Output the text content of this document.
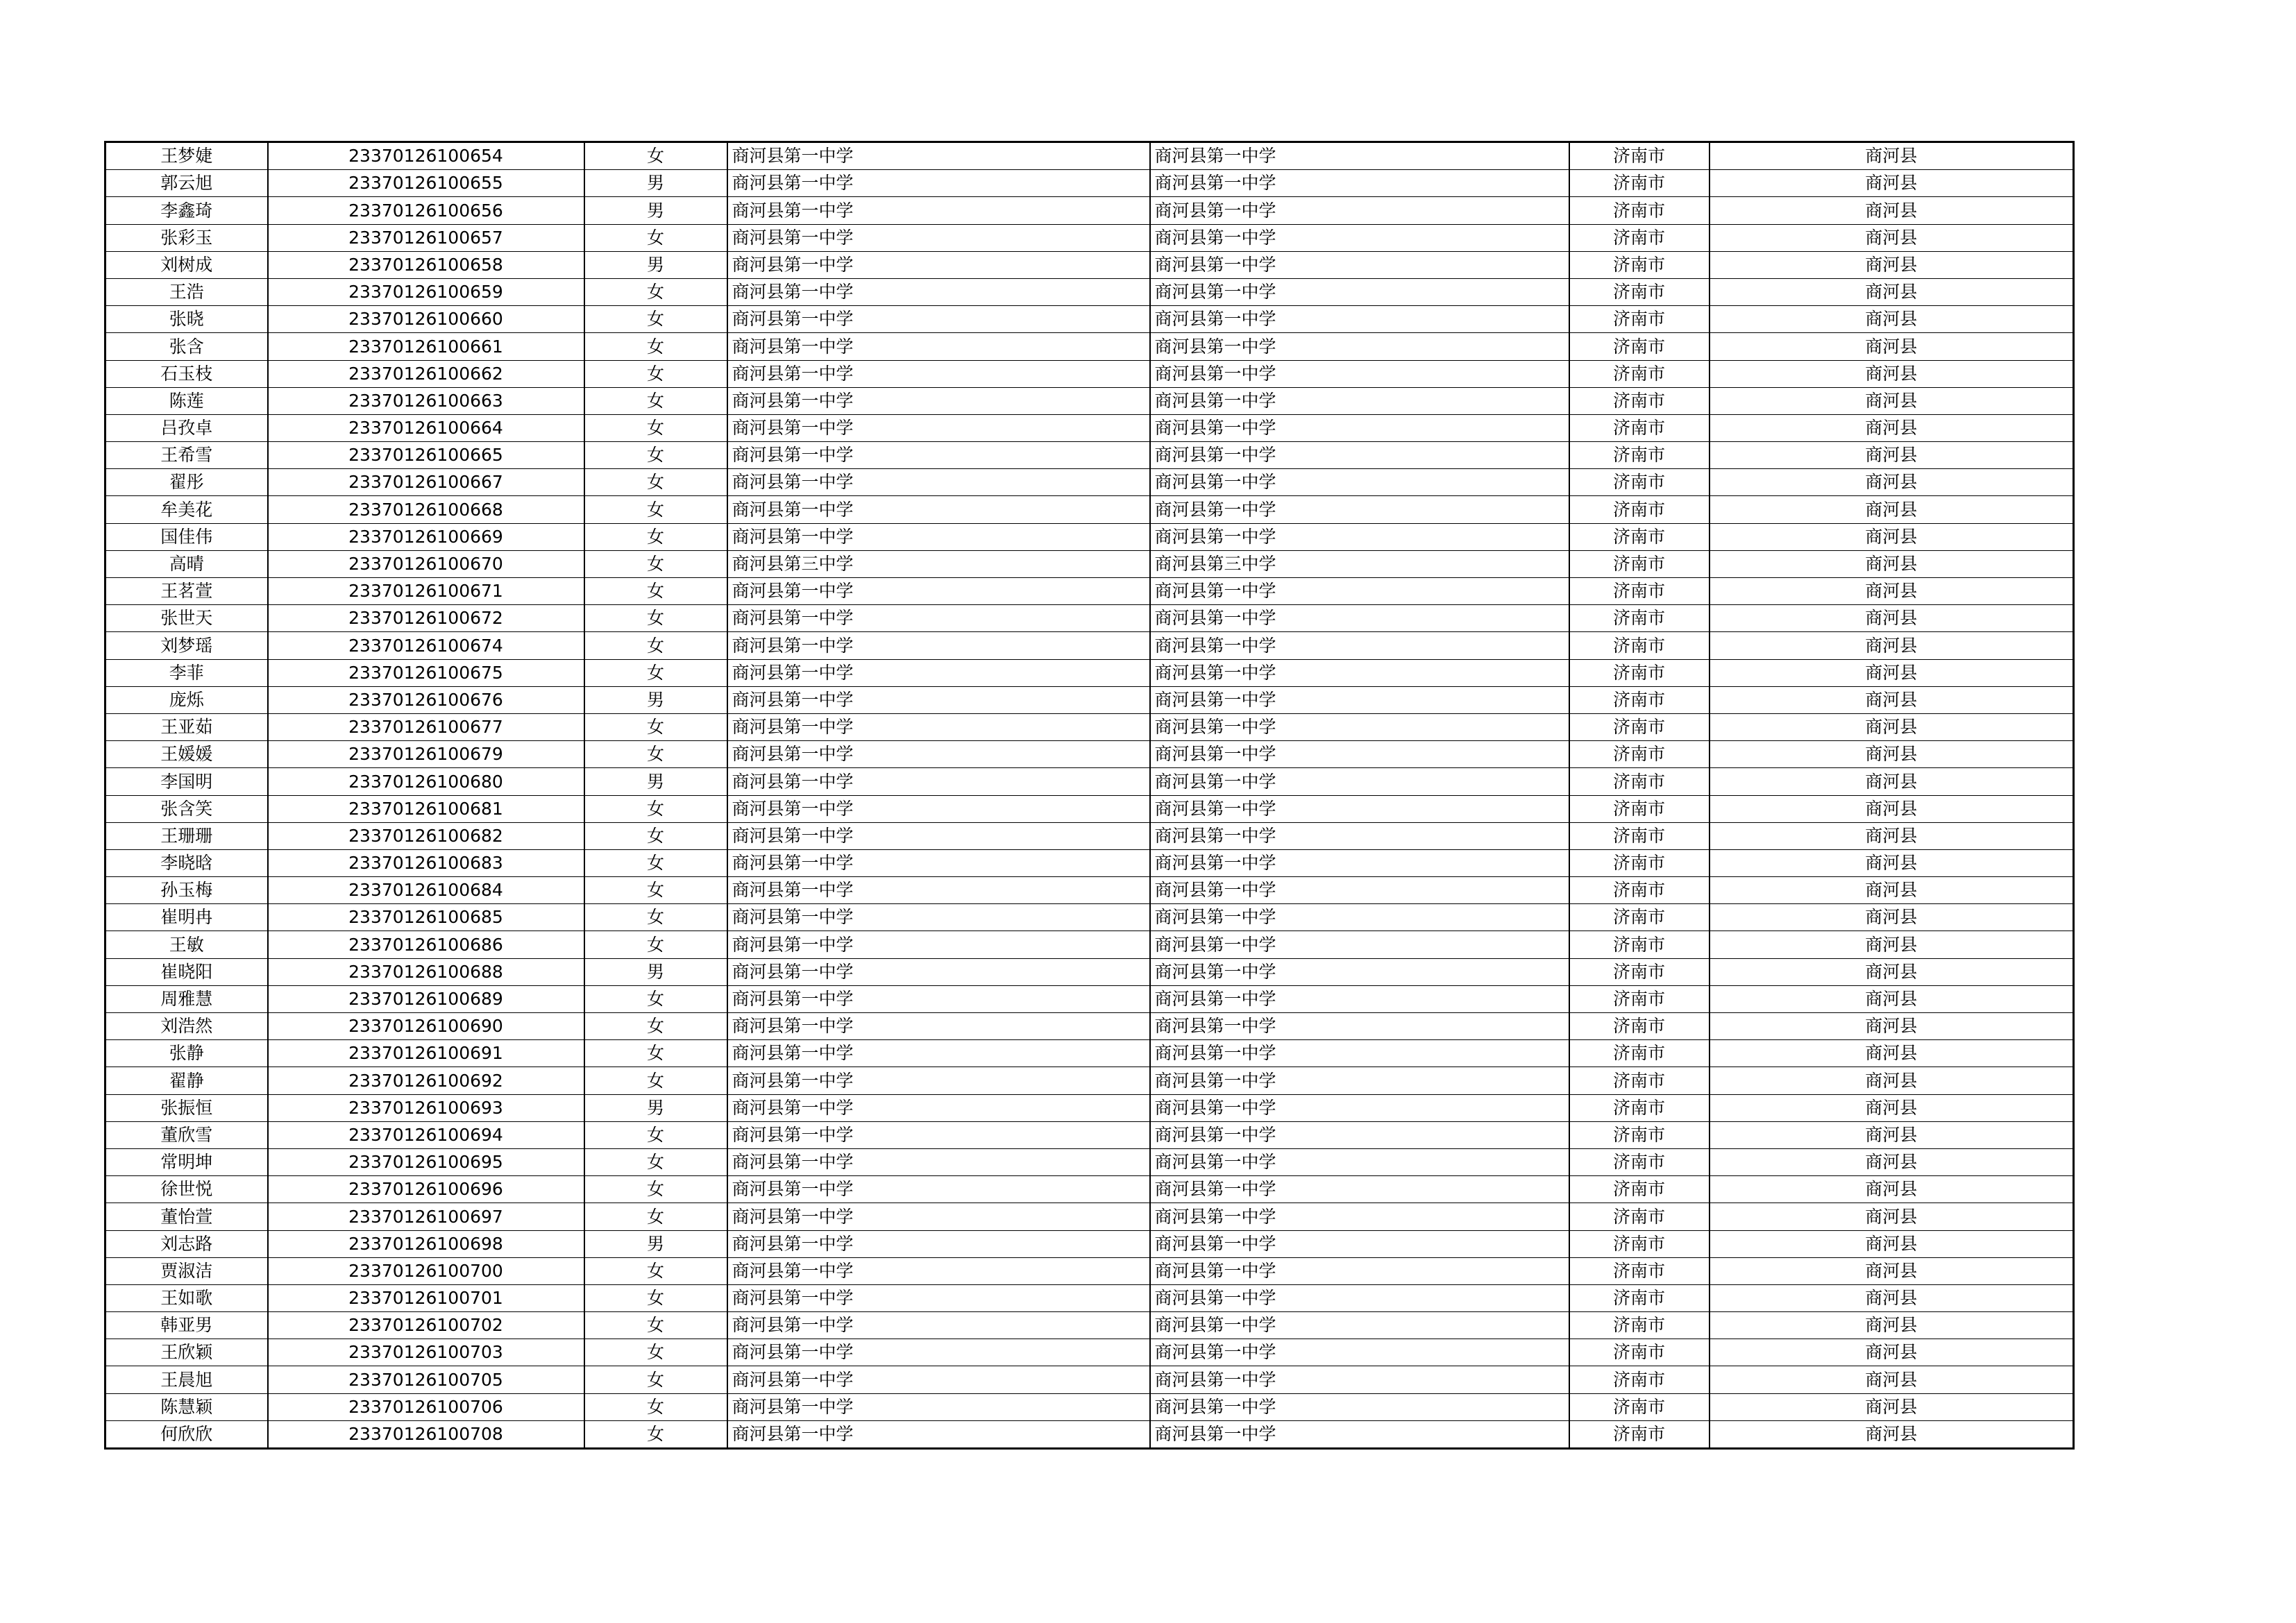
王梦婕	23370126100654	女	商河县第一中学	商河县第一中学	济南市	商河县
郭云旭	23370126100655	男	商河县第一中学	商河县第一中学	济南市	商河县
李鑫琦	23370126100656	男	商河县第一中学	商河县第一中学	济南市	商河县
张彩玉	23370126100657	女	商河县第一中学	商河县第一中学	济南市	商河县
刘树成	23370126100658	男	商河县第一中学	商河县第一中学	济南市	商河县
王浩	23370126100659	女	商河县第一中学	商河县第一中学	济南市	商河县
张晓	23370126100660	女	商河县第一中学	商河县第一中学	济南市	商河县
张含	23370126100661	女	商河县第一中学	商河县第一中学	济南市	商河县
石玉枝	23370126100662	女	商河县第一中学	商河县第一中学	济南市	商河县
陈莲	23370126100663	女	商河县第一中学	商河县第一中学	济南市	商河县
吕孜卓	23370126100664	女	商河县第一中学	商河县第一中学	济南市	商河县
王希雪	23370126100665	女	商河县第一中学	商河县第一中学	济南市	商河县
翟彤	23370126100667	女	商河县第一中学	商河县第一中学	济南市	商河县
牟美花	23370126100668	女	商河县第一中学	商河县第一中学	济南市	商河县
国佳伟	23370126100669	女	商河县第一中学	商河县第一中学	济南市	商河县
高晴	23370126100670	女	商河县第三中学	商河县第三中学	济南市	商河县
王茗萱	23370126100671	女	商河县第一中学	商河县第一中学	济南市	商河县
张世天	23370126100672	女	商河县第一中学	商河县第一中学	济南市	商河县
刘梦瑶	23370126100674	女	商河县第一中学	商河县第一中学	济南市	商河县
李菲	23370126100675	女	商河县第一中学	商河县第一中学	济南市	商河县
庞烁	23370126100676	男	商河县第一中学	商河县第一中学	济南市	商河县
王亚茹	23370126100677	女	商河县第一中学	商河县第一中学	济南市	商河县
王媛媛	23370126100679	女	商河县第一中学	商河县第一中学	济南市	商河县
李国明	23370126100680	男	商河县第一中学	商河县第一中学	济南市	商河县
张含笑	23370126100681	女	商河县第一中学	商河县第一中学	济南市	商河县
王珊珊	23370126100682	女	商河县第一中学	商河县第一中学	济南市	商河县
李晓晗	23370126100683	女	商河县第一中学	商河县第一中学	济南市	商河县
孙玉梅	23370126100684	女	商河县第一中学	商河县第一中学	济南市	商河县
崔明冉	23370126100685	女	商河县第一中学	商河县第一中学	济南市	商河县
王敏	23370126100686	女	商河县第一中学	商河县第一中学	济南市	商河县
崔晓阳	23370126100688	男	商河县第一中学	商河县第一中学	济南市	商河县
周雅慧	23370126100689	女	商河县第一中学	商河县第一中学	济南市	商河县
刘浩然	23370126100690	女	商河县第一中学	商河县第一中学	济南市	商河县
张静	23370126100691	女	商河县第一中学	商河县第一中学	济南市	商河县
翟静	23370126100692	女	商河县第一中学	商河县第一中学	济南市	商河县
张振恒	23370126100693	男	商河县第一中学	商河县第一中学	济南市	商河县
董欣雪	23370126100694	女	商河县第一中学	商河县第一中学	济南市	商河县
常明坤	23370126100695	女	商河县第一中学	商河县第一中学	济南市	商河县
徐世悦	23370126100696	女	商河县第一中学	商河县第一中学	济南市	商河县
董怡萱	23370126100697	女	商河县第一中学	商河县第一中学	济南市	商河县
刘志路	23370126100698	男	商河县第一中学	商河县第一中学	济南市	商河县
贾淑洁	23370126100700	女	商河县第一中学	商河县第一中学	济南市	商河县
王如歌	23370126100701	女	商河县第一中学	商河县第一中学	济南市	商河县
韩亚男	23370126100702	女	商河县第一中学	商河县第一中学	济南市	商河县
王欣颖	23370126100703	女	商河县第一中学	商河县第一中学	济南市	商河县
王晨旭	23370126100705	女	商河县第一中学	商河县第一中学	济南市	商河县
陈慧颖	23370126100706	女	商河县第一中学	商河县第一中学	济南市	商河县
何欣欣	23370126100708	女	商河县第一中学	商河县第一中学	济南市	商河县
